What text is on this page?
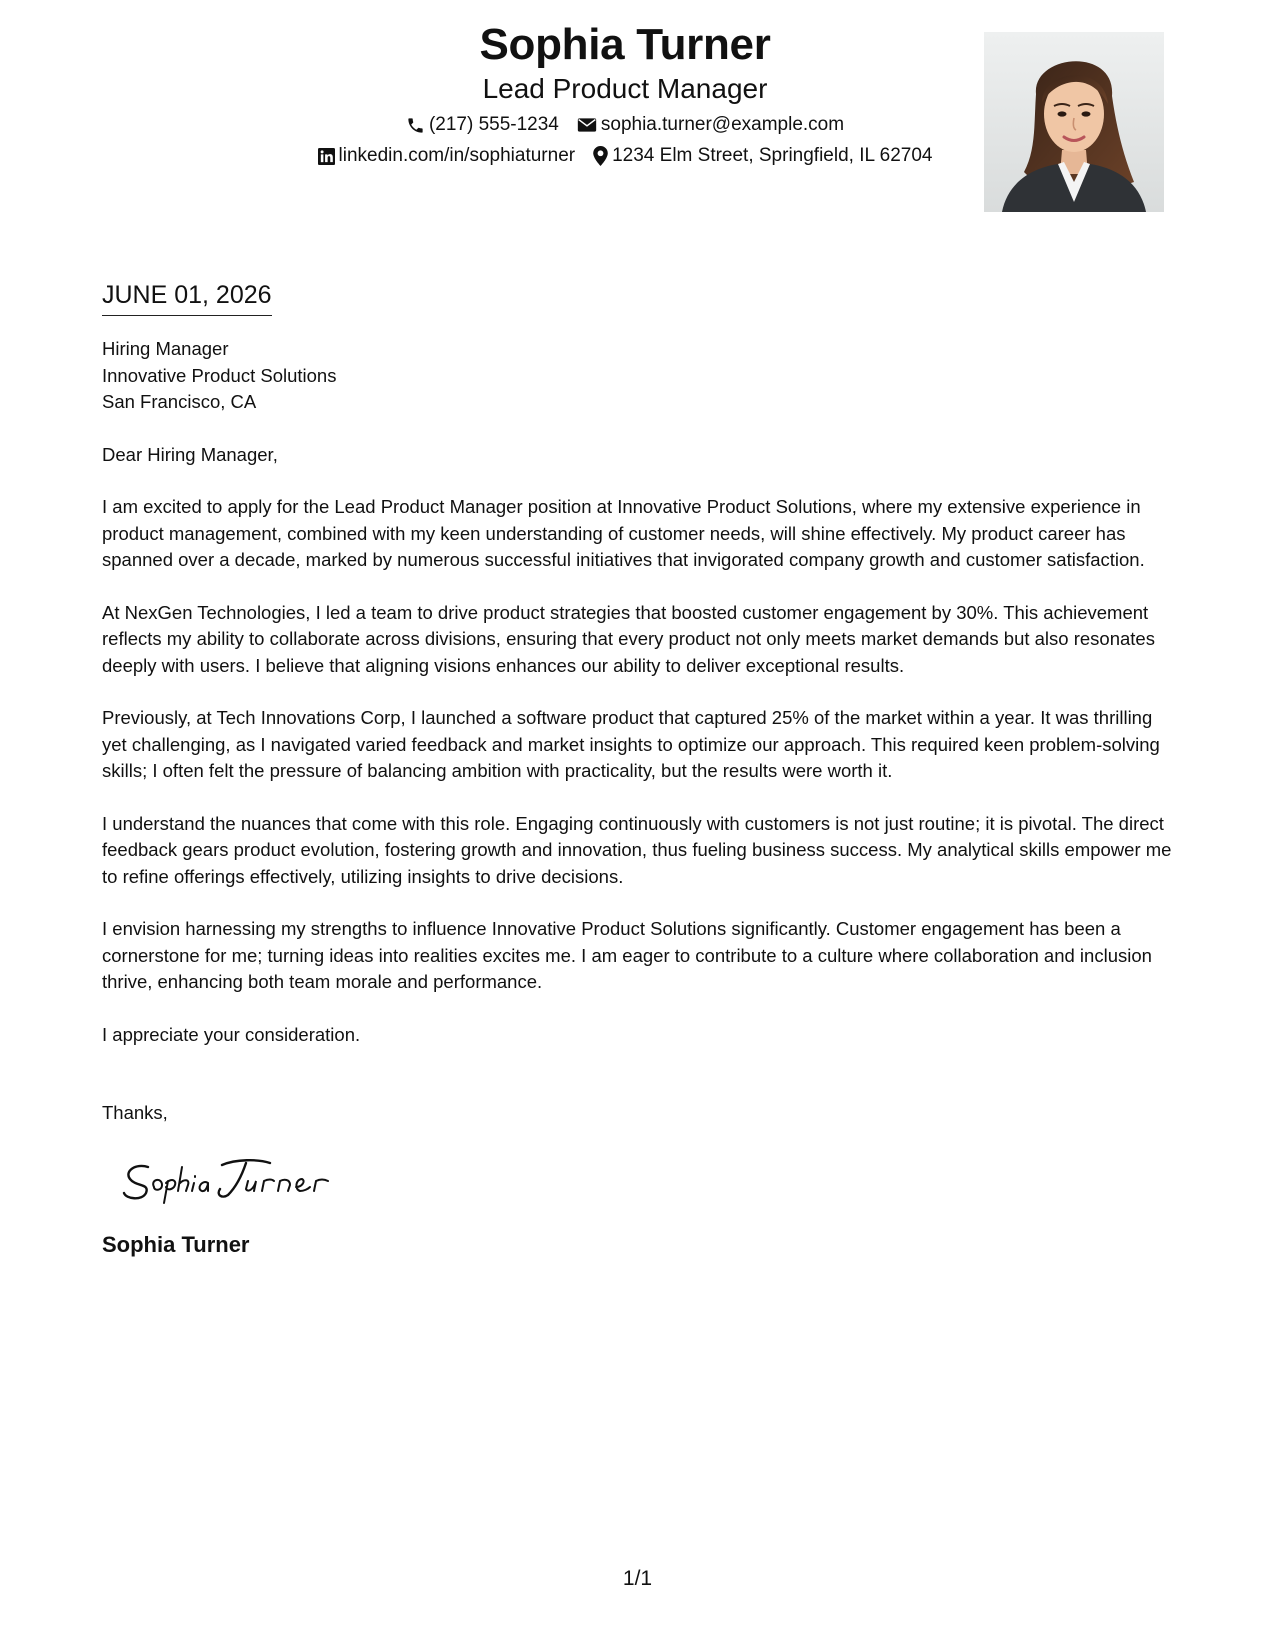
Sophia Turner
Lead Product Manager
(217) 555-1234 sophia.turner@example.com
linkedin.com/in/sophiaturner 1234 Elm Street, Springfield, IL 62704
JUNE 01, 2026
Hiring Manager
Innovative Product Solutions
San Francisco, CA
Dear Hiring Manager,

I am excited to apply for the Lead Product Manager position at Innovative Product Solutions, where my extensive experience in product management, combined with my keen understanding of customer needs, will shine effectively. My product career has spanned over a decade, marked by numerous successful initiatives that invigorated company growth and customer satisfaction.

At NexGen Technologies, I led a team to drive product strategies that boosted customer engagement by 30%. This achievement reflects my ability to collaborate across divisions, ensuring that every product not only meets market demands but also resonates deeply with users. I believe that aligning visions enhances our ability to deliver exceptional results.

Previously, at Tech Innovations Corp, I launched a software product that captured 25% of the market within a year. It was thrilling yet challenging, as I navigated varied feedback and market insights to optimize our approach. This required keen problem-solving skills; I often felt the pressure of balancing ambition with practicality, but the results were worth it.

I understand the nuances that come with this role. Engaging continuously with customers is not just routine; it is pivotal. The direct feedback gears product evolution, fostering growth and innovation, thus fueling business success. My analytical skills empower me to refine offerings effectively, utilizing insights to drive decisions.

I envision harnessing my strengths to influence Innovative Product Solutions significantly. Customer engagement has been a cornerstone for me; turning ideas into realities excites me. I am eager to contribute to a culture where collaboration and inclusion thrive, enhancing both team morale and performance.

I appreciate your consideration.
Thanks,
Sophia Turner
1/1
